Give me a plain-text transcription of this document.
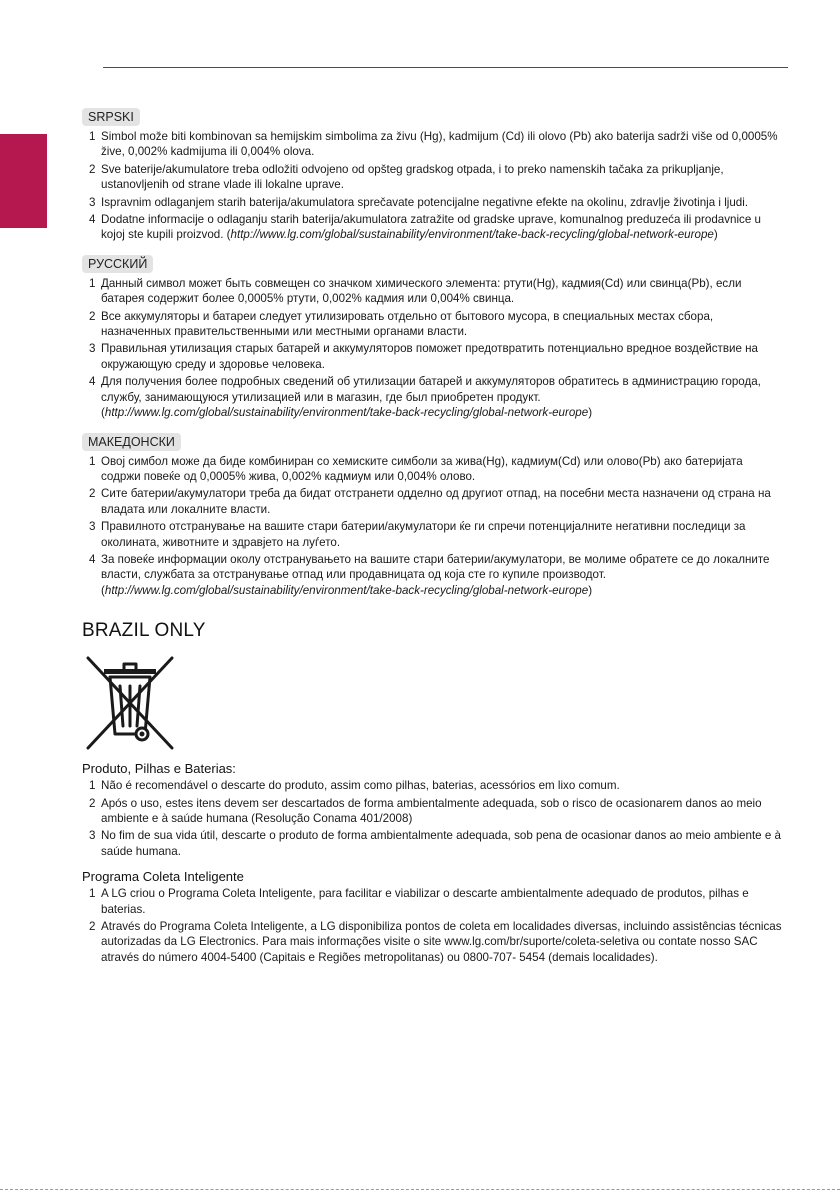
SRPSKI
1 Simbol može biti kombinovan sa hemijskim simbolima za živu (Hg), kadmijum (Cd) ili olovo (Pb) ako baterija sadrži više od 0,0005% žive, 0,002% kadmijuma ili 0,004% olova.
2 Sve baterije/akumulatore treba odložiti odvojeno od opšteg gradskog otpada, i to preko namenskih tačaka za prikupljanje, ustanovljenih od strane vlade ili lokalne uprave.
3 Ispravnim odlaganjem starih baterija/akumulatora sprečavate potencijalne negativne efekte na okolinu, zdravlje životinja i ljudi.
4 Dodatne informacije o odlaganju starih baterija/akumulatora zatražite od gradske uprave, komunalnog preduzeća ili prodavnice u kojoj ste kupili proizvod. (http://www.lg.com/global/sustainability/environment/take-back-recycling/global-network-europe)
РУССКИЙ
1 Данный символ может быть совмещен со значком химического элемента: ртути(Hg), кадмия(Cd) или свинца(Pb), если батарея содержит более 0,0005% ртути, 0,002% кадмия или 0,004% свинца.
2 Все аккумуляторы и батареи следует утилизировать отдельно от бытового мусора, в специальных местах сбора, назначенных правительственными или местными органами власти.
3 Правильная утилизация старых батарей и аккумуляторов поможет предотвратить потенциально вредное воздействие на окружающую среду и здоровье человека.
4 Для получения более подробных сведений об утилизации батарей и аккумуляторов обратитесь в администрацию города, службу, занимающуюся утилизацией или в магазин, где был приобретен продукт. (http://www.lg.com/global/sustainability/environment/take-back-recycling/global-network-europe)
МАКЕДОНСКИ
1 Овој симбол може да биде комбиниран со хемиските симболи за жива(Hg), кадмиум(Cd) или олово(Pb) ако батеријата содржи повеќе од 0,0005% жива, 0,002% кадмиум или 0,004% олово.
2 Сите батерии/акумулатори треба да бидат отстранети одделно од другиот отпад, на посебни места назначени од страна на владата или локалните власти.
3 Правилното отстранување на вашите стари батерии/акумулатори ќе ги спречи потенцијалните негативни последици за околината, животните и здравјето на луѓето.
4 За повеќе информации околу отстранувањето на вашите стари батерии/акумулатори, ве молиме обратете се до локалните власти, службата за отстранување отпад или продавницата од која сте го купиле производот. (http://www.lg.com/global/sustainability/environment/take-back-recycling/global-network-europe)
BRAZIL ONLY
Produto, Pilhas e Baterias:
1 Não é recomendável o descarte do produto, assim como pilhas, baterias, acessórios em lixo comum.
2 Após o uso, estes itens devem ser descartados de forma ambientalmente adequada, sob o risco de ocasionarem danos ao meio ambiente e à saúde humana (Resolução Conama 401/2008)
3 No fim de sua vida útil, descarte o produto de forma ambientalmente adequada, sob pena de ocasionar danos ao meio ambiente e à saúde humana.
Programa Coleta Inteligente
1 A LG criou o Programa Coleta Inteligente, para facilitar e viabilizar o descarte ambientalmente adequado de produtos, pilhas e baterias.
2 Através do Programa Coleta Inteligente, a LG disponibiliza pontos de coleta em localidades diversas, incluindo assistências técnicas autorizadas da LG Electronics. Para mais informações visite o site www.lg.com/br/suporte/coleta-seletiva ou contate nosso SAC através do número 4004-5400 (Capitais e Regiões metropolitanas) ou 0800-707- 5454 (demais localidades).
